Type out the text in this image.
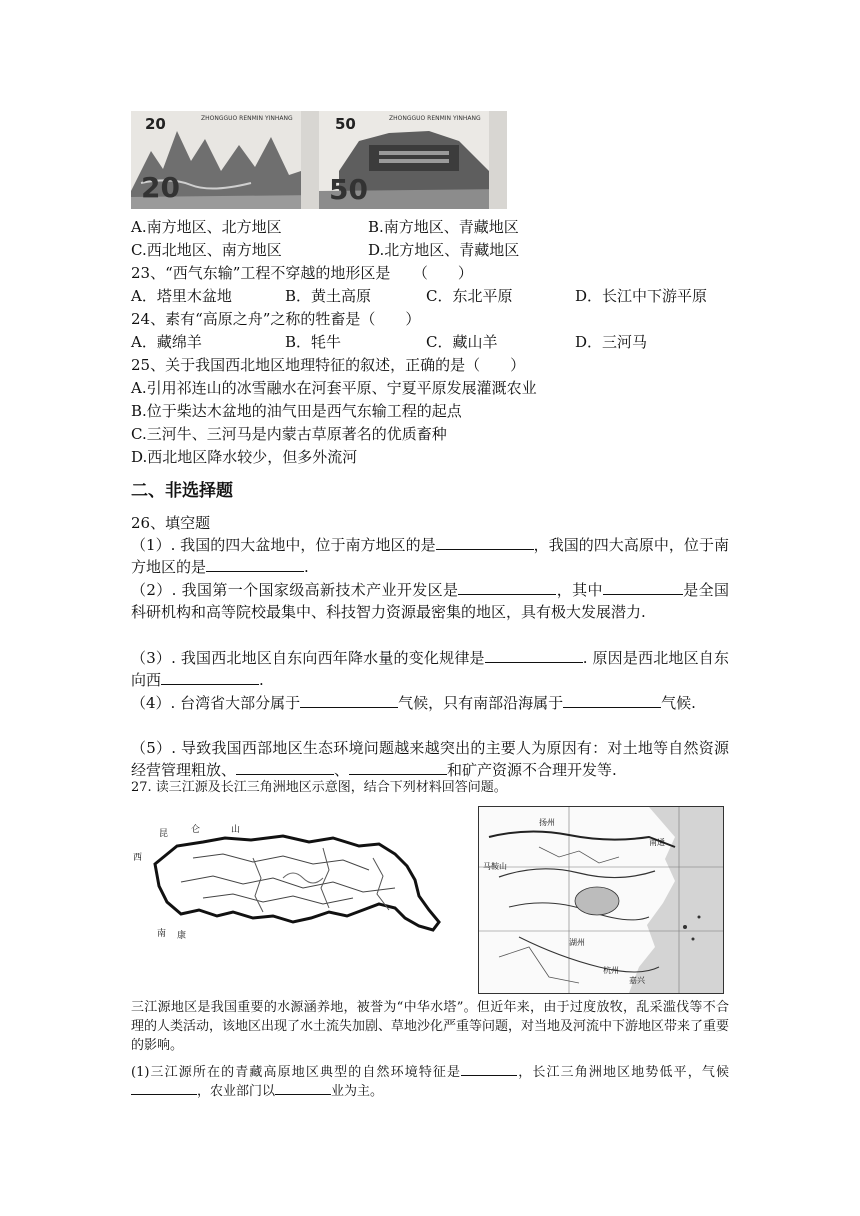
20
20
ZHONGGUO RENMIN YINHANG	50
50
ZHONGGUO RENMIN YINHANG
A.南方地区、北方地区	B.南方地区、青藏地区
C.西北地区、南方地区	D.北方地区、青藏地区
23、“西气东输”工程不穿越的地形区是　　（　　）
A．塔里木盆地	B．黄土高原	C．东北平原	D．长江中下游平原
24、素有“高原之舟”之称的牲畜是（　　）
A．藏绵羊	B．牦牛	C．藏山羊	D．三河马
25、关于我国西北地区地理特征的叙述，正确的是（　　）
A.引用祁连山的冰雪融水在河套平原、宁夏平原发展灌溉农业
B.位于柴达木盆地的油气田是西气东输工程的起点
C.三河牛、三河马是内蒙古草原著名的优质畜种
D.西北地区降水较少，但多外流河
二、非选择题
26、填空题
（1）. 我国的四大盆地中，位于南方地区的是	，我国的四大高原中，位于南方地区的是	.
（2）. 我国第一个国家级高新技术产业开发区是	，其中	是全国科研机构和高等院校最集中、科技智力资源最密集的地区，具有极大发展潜力.
（3）. 我国西北地区自东向西年降水量的变化规律是	. 原因是西北地区自东向西	.
（4）. 台湾省大部分属于	气候，只有南部沿海属于	气候.
（5）. 导致我国西部地区生态环境问题越来越突出的主要人为原因有：对土地等自然资源经营管理粗放、	、	和矿产资源不合理开发等.
27. 读三江源及长江三角洲地区示意图，结合下列材料回答问题。
昆	仑	山
西
南 康
杭州
南通
扬州
马鞍山
湖州
嘉兴
三江源地区是我国重要的水源涵养地，被誉为“中华水塔”。但近年来，由于过度放牧，乱采滥伐等不合理的人类活动，该地区出现了水土流失加剧、草地沙化严重等问题，对当地及河流中下游地区带来了重要的影响。
(1)三江源所在的青藏高原地区典型的自然环境特征是	，长江三角洲地区地势低平，气候，农业部门以	业为主。
